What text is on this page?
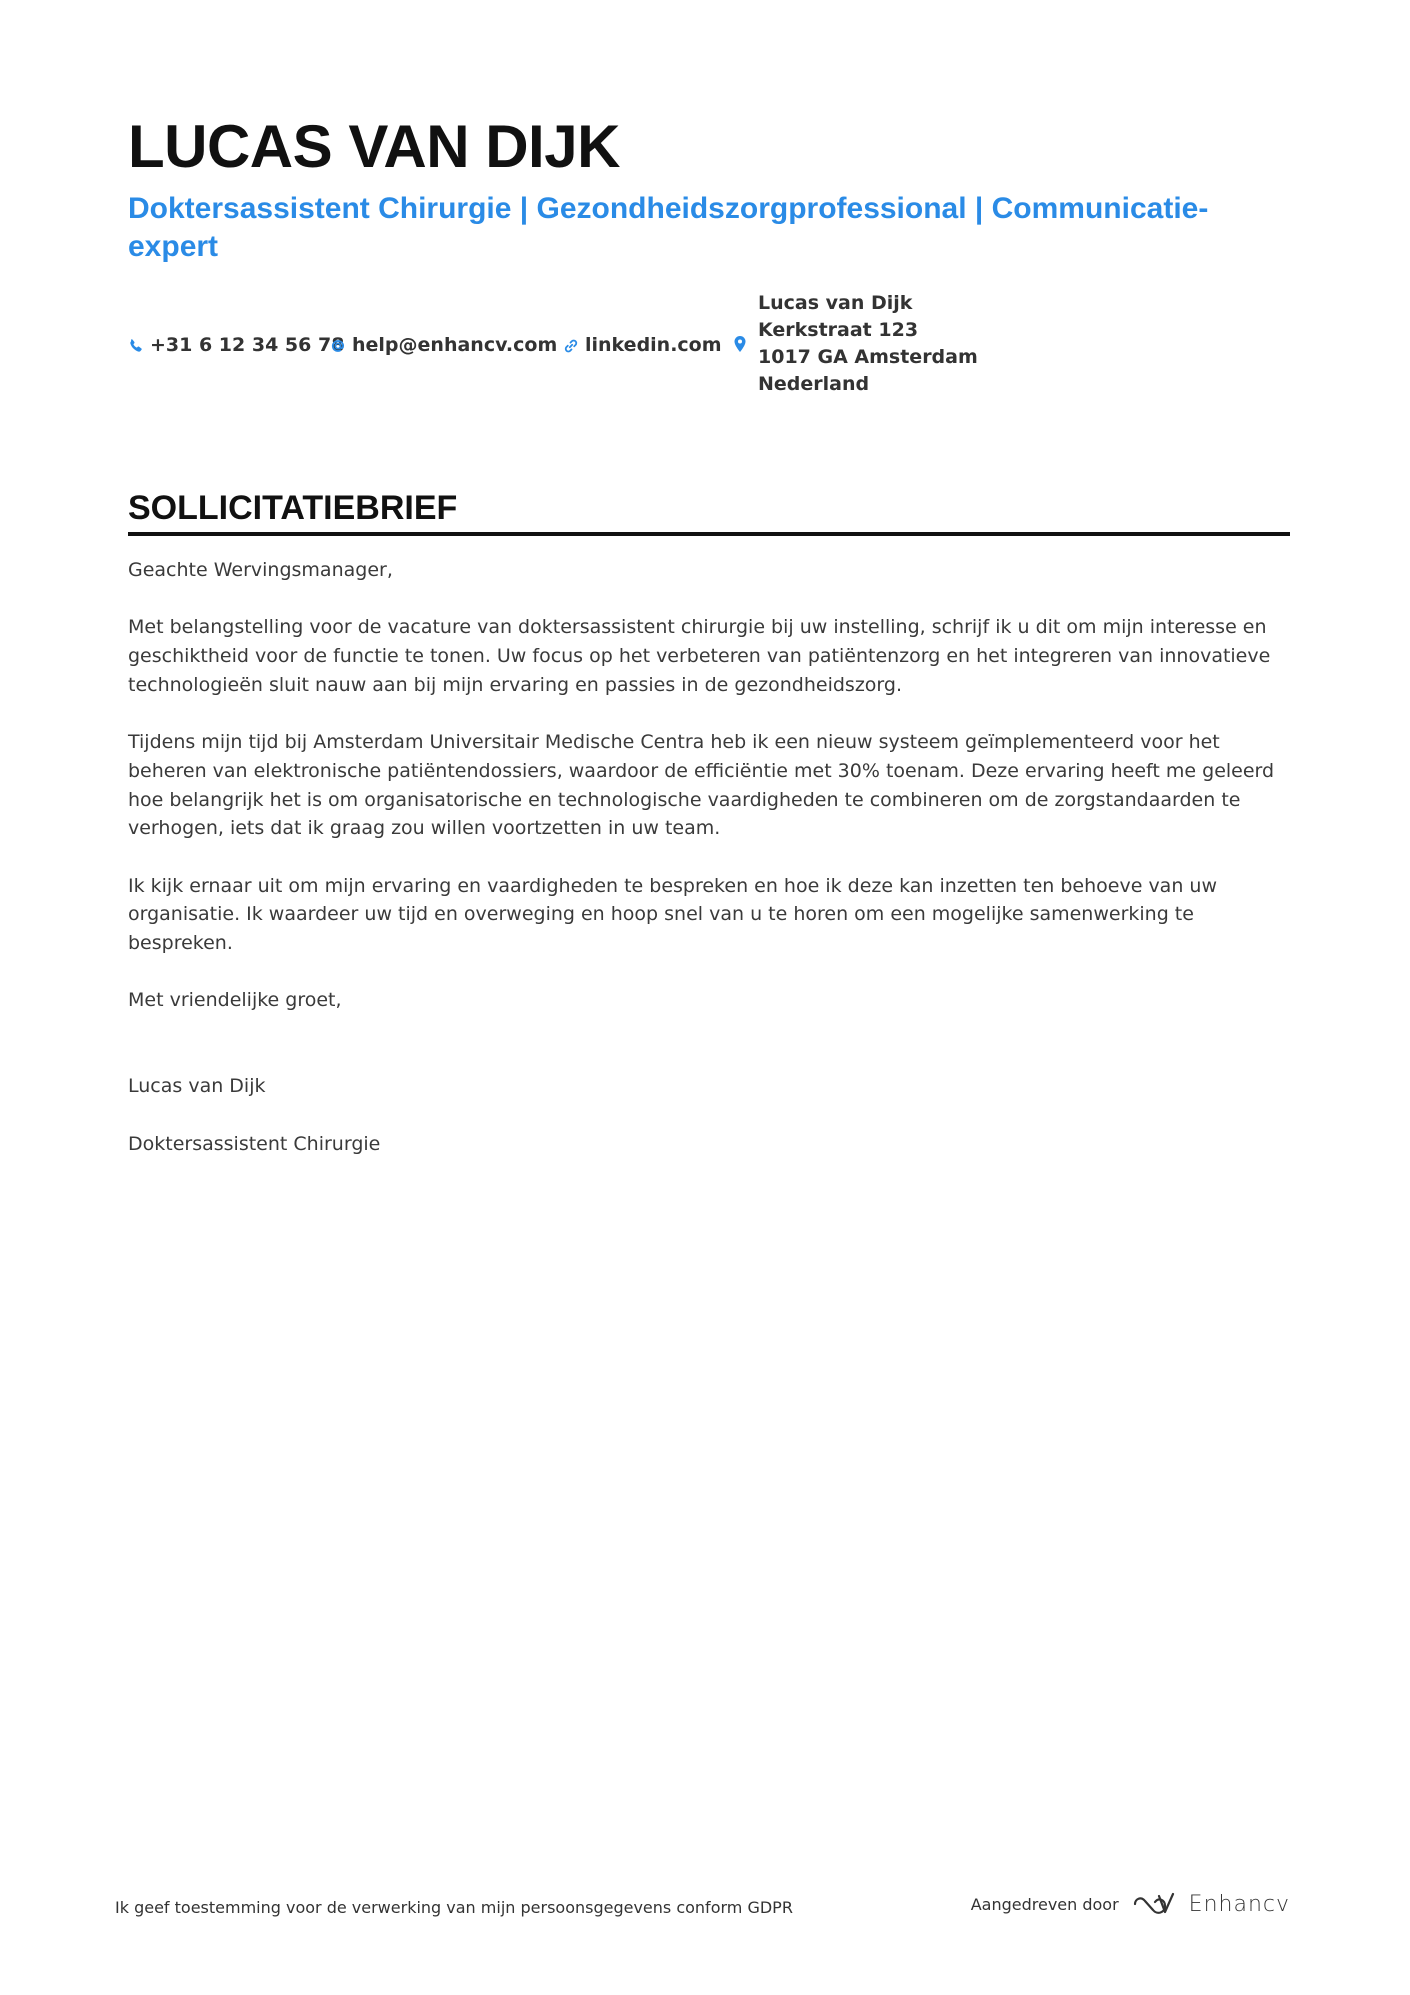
LUCAS VAN DIJK
Doktersassistent Chirurgie | Gezondheidszorgprofessional | Communicatie-expert
+31 6 12 34 56 78 help@enhancv.com linkedin.com
Lucas van Dijk
Kerkstraat 123
1017 GA Amsterdam
Nederland
SOLLICITATIEBRIEF

Geachte Wervingsmanager,

Met belangstelling voor de vacature van doktersassistent chirurgie bij uw instelling, schrijf ik u dit om mijn interesse en geschiktheid voor de functie te tonen. Uw focus op het verbeteren van patiëntenzorg en het integreren van innovatieve technologieën sluit nauw aan bij mijn ervaring en passies in de gezondheidszorg.

Tijdens mijn tijd bij Amsterdam Universitair Medische Centra heb ik een nieuw systeem geïmplementeerd voor het beheren van elektronische patiëntendossiers, waardoor de efficiëntie met 30% toenam. Deze ervaring heeft me geleerd hoe belangrijk het is om organisatorische en technologische vaardigheden te combineren om de zorgstandaarden te verhogen, iets dat ik graag zou willen voortzetten in uw team.

Ik kijk ernaar uit om mijn ervaring en vaardigheden te bespreken en hoe ik deze kan inzetten ten behoeve van uw organisatie. Ik waardeer uw tijd en overweging en hoop snel van u te horen om een mogelijke samenwerking te bespreken.

Met vriendelijke groet,

Lucas van Dijk

Doktersassistent Chirurgie

Ik geef toestemming voor de verwerking van mijn persoonsgegevens conform GDPR	Aangedreven door	Enhancv
